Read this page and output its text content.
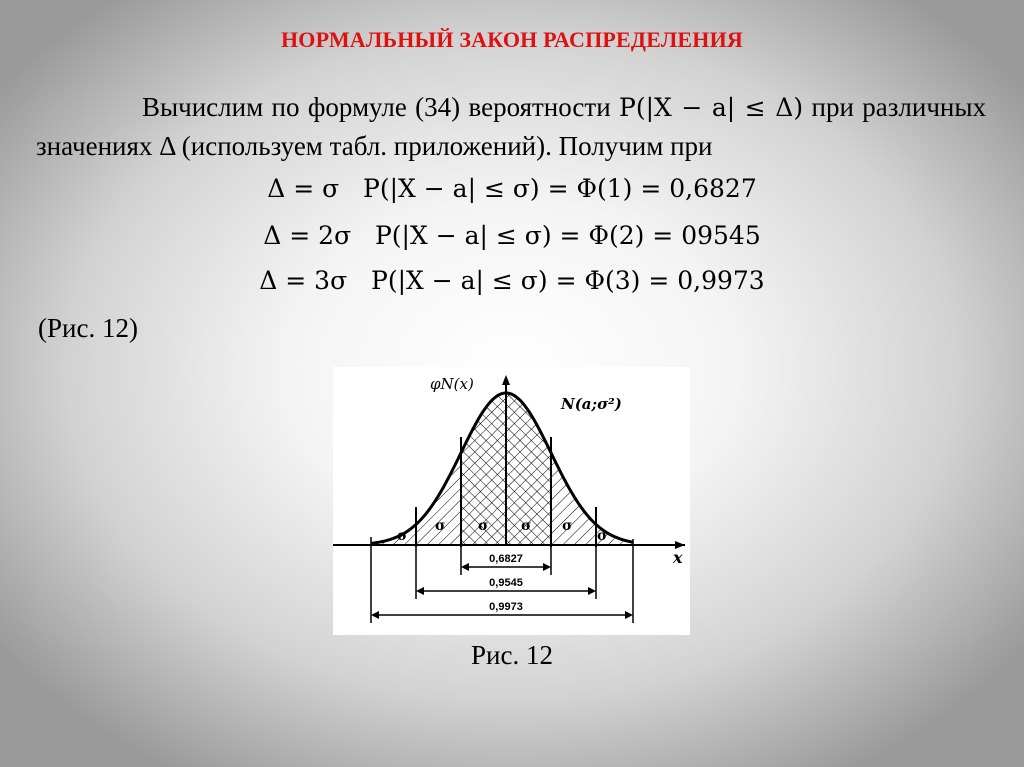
НОРМАЛЬНЫЙ ЗАКОН РАСПРЕДЕЛЕНИЯ
Вычислим по формуле (34) вероятности P(|X − a| ≤ Δ) при различных значениях Δ (используем табл. приложений). Получим при
Δ = σ P(|X − a| ≤ σ) = Φ(1) = 0,6827
Δ = 2σ P(|X − a| ≤ σ) = Φ(2) = 09545
Δ = 3σ P(|X − a| ≤ σ) = Φ(3) = 0,9973
(Рис. 12)
σ
σ σ σ σ
σ
φN(x)
N(a;σ²)
x
0,6827
0,9545
0,9973
Рис. 12
